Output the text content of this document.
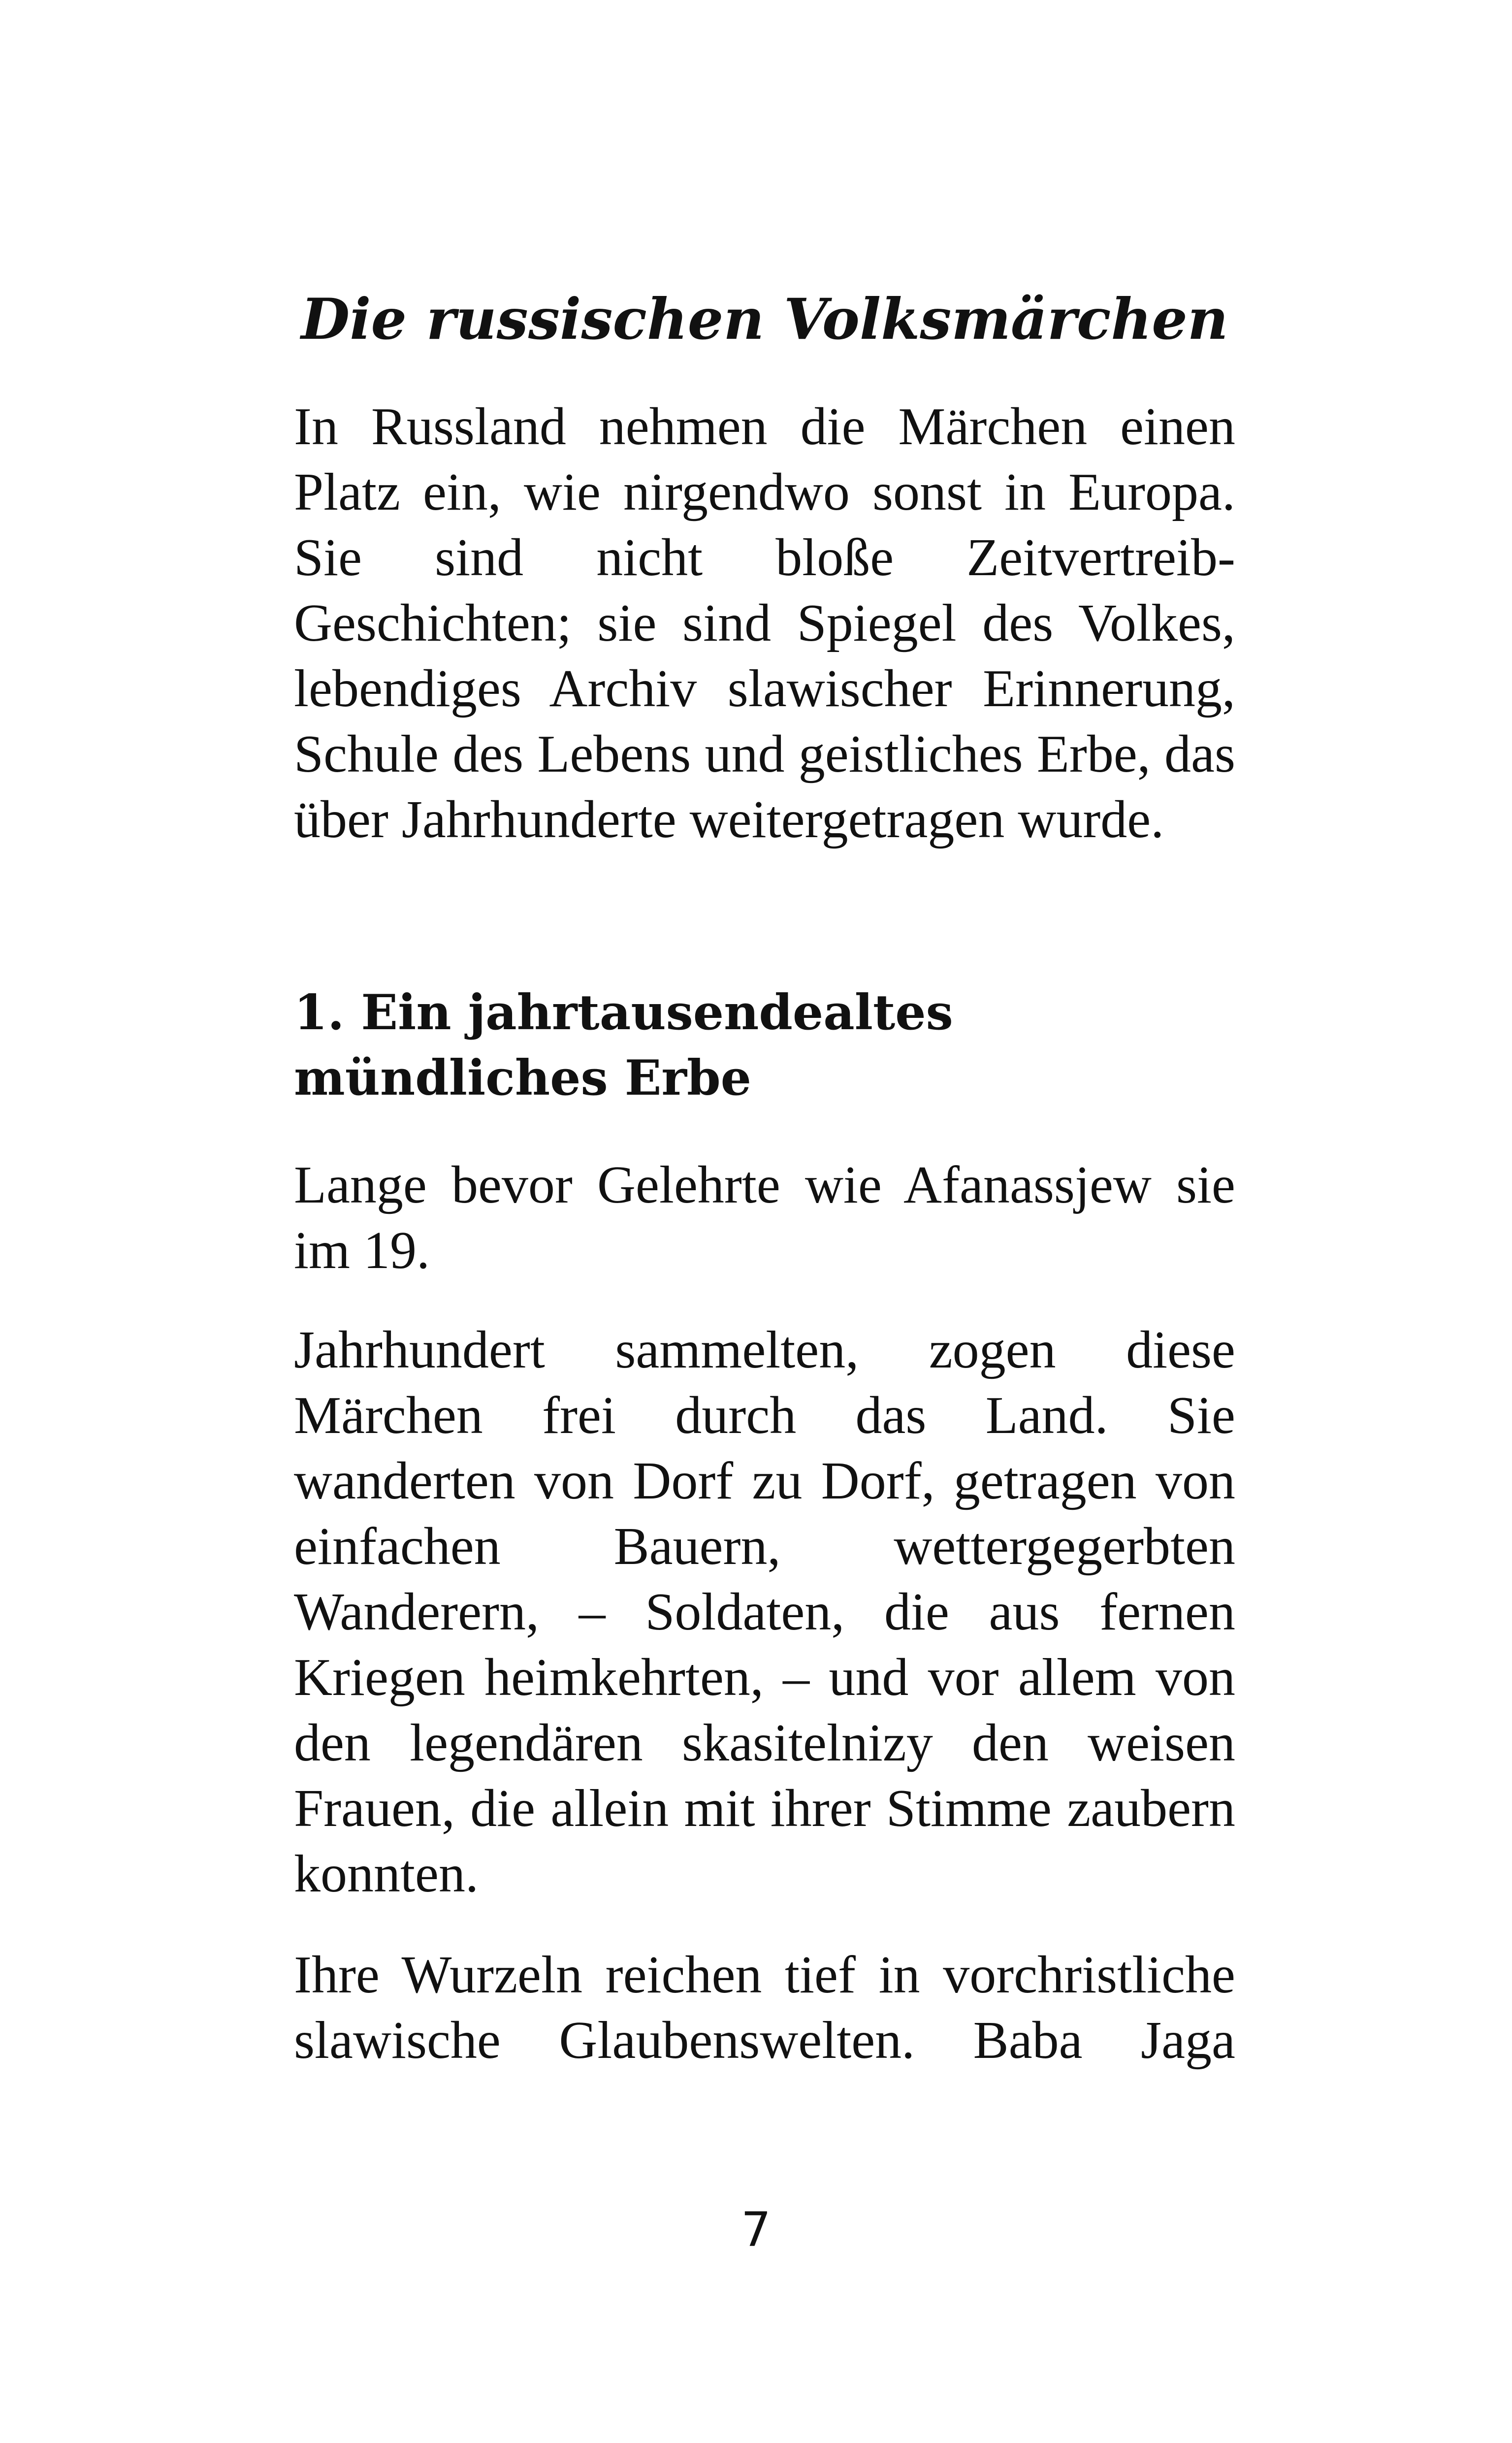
Die russischen Volksmärchen

In Russland nehmen die Märchen einen Platz ein, wie nirgendwo sonst in Europa. Sie sind nicht bloße Zeitvertreib-Geschichten; sie sind Spiegel des Volkes, lebendiges Archiv slawischer Erinnerung, Schule des Lebens und geistliches Erbe, das über Jahrhunderte weitergetragen wurde.

1. Ein jahrtausendealtes mündliches Erbe

Lange bevor Gelehrte wie Afanassjew sie im 19.

Jahrhundert sammelten, zogen diese Märchen frei durch das Land. Sie wanderten von Dorf zu Dorf, getragen von einfachen Bauern, wettergegerbten Wanderern, – Soldaten, die aus fernen Kriegen heimkehrten, – und vor allem von den legendären skasitelnizy den weisen Frauen, die allein mit ihrer Stimme zaubern konnten.

Ihre Wurzeln reichen tief in vorchristliche slawische Glaubenswelten. Baba Jaga

7
